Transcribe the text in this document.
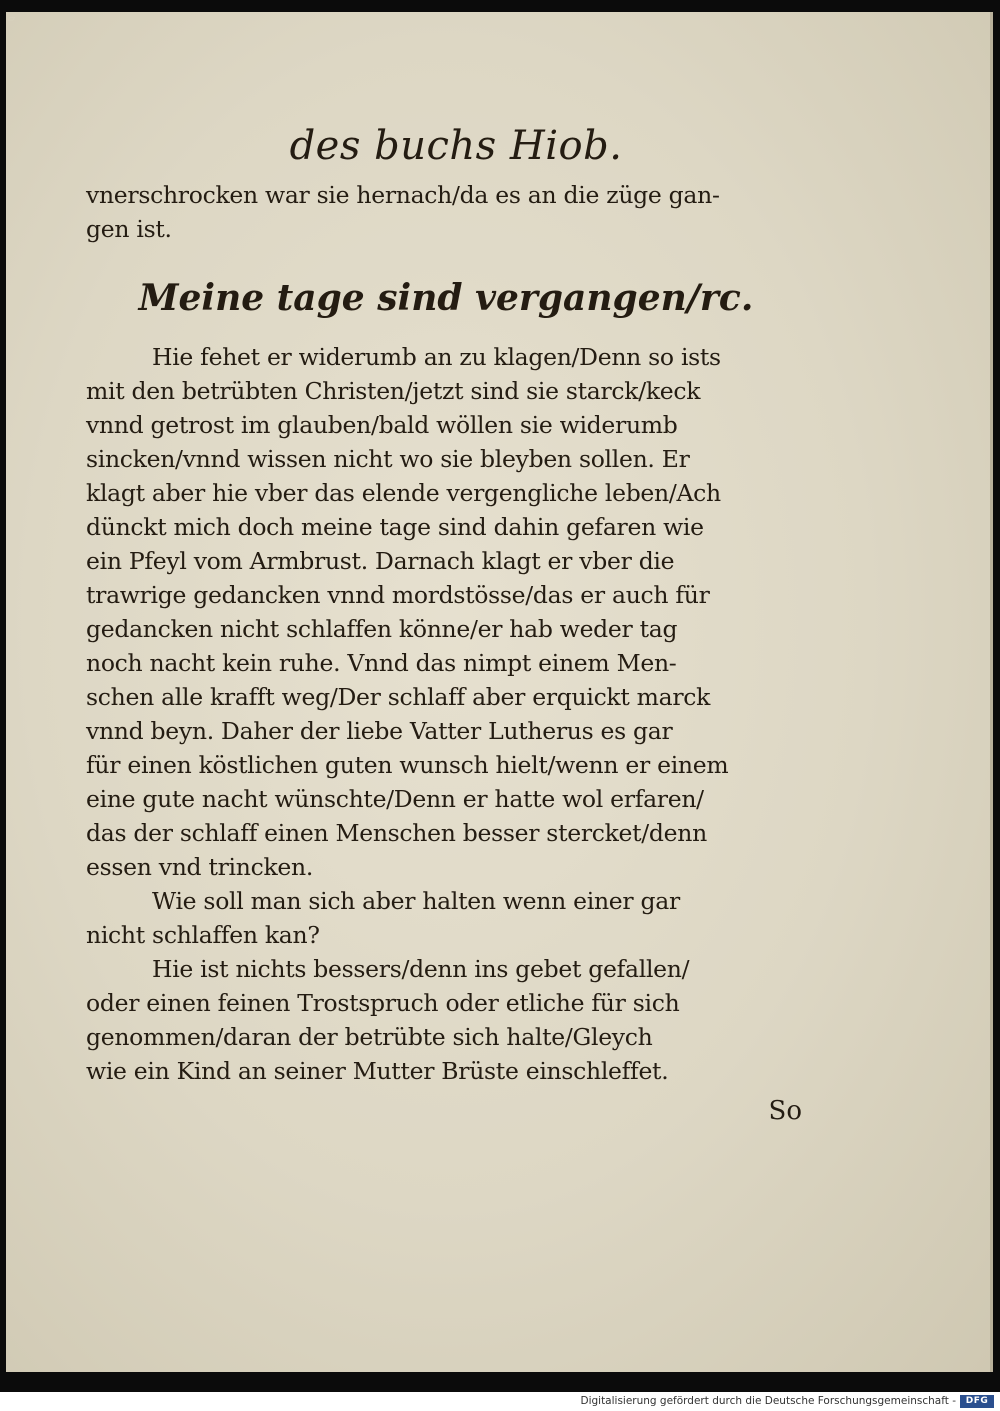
▱
des buchs Hiob.
vnerschrocken war sie hernach/da es an die züge gan-
gen ist.
Meine tage sind vergangen/rc.
Hie fehet er widerumb an zu klagen/Denn so ists
mit den betrübten Christen/jetzt sind sie starck/keck
vnnd getrost im glauben/bald wöllen sie widerumb
sincken/vnnd wissen nicht wo sie bleyben sollen. Er
klagt aber hie vber das elende vergengliche leben/Ach
dünckt mich doch meine tage sind dahin gefaren wie
ein Pfeyl vom Armbrust. Darnach klagt er vber die
trawrige gedancken vnnd mordstösse/das er auch für
gedancken nicht schlaffen könne/er hab weder tag
noch nacht kein ruhe. Vnnd das nimpt einem Men-
schen alle krafft weg/Der schlaff aber erquickt marck
vnnd beyn. Daher der liebe Vatter Lutherus es gar
für einen köstlichen guten wunsch hielt/wenn er einem
eine gute nacht wünschte/Denn er hatte wol erfaren/
das der schlaff einen Menschen besser stercket/denn
essen vnd trincken.
Wie soll man sich aber halten wenn einer gar
nicht schlaffen kan?
Hie ist nichts bessers/denn ins gebet gefallen/
oder einen feinen Trostspruch oder etliche für sich
genommen/daran der betrübte sich halte/Gleych
wie ein Kind an seiner Mutter Brüste einschleffet.
So
Digitalisierung gefördert durch die Deutsche Forschungsgemeinschaft -	DFG
